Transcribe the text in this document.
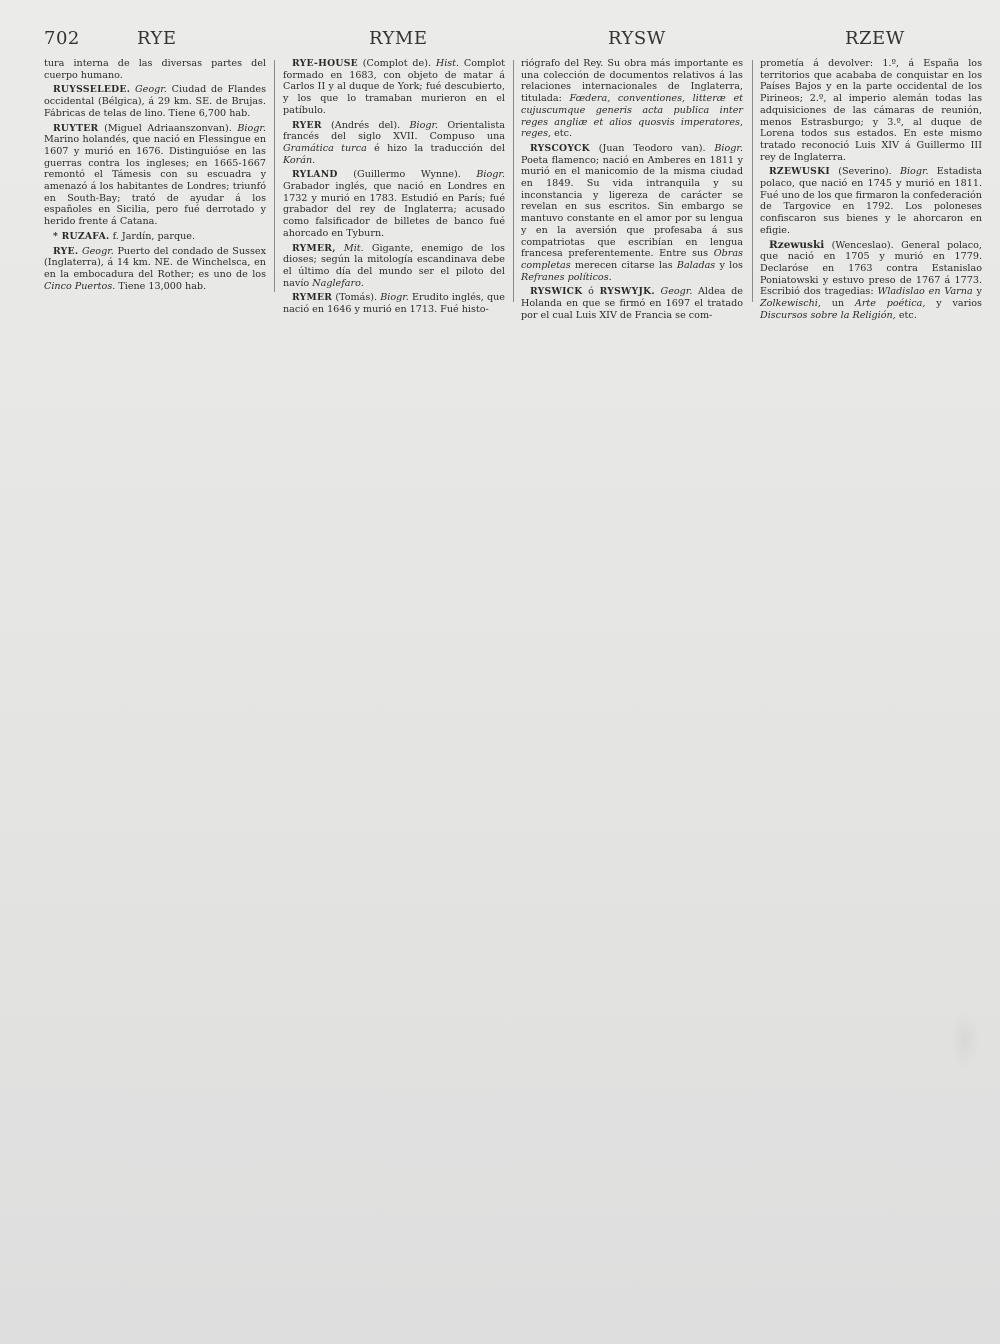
702	RYE	RYME	RYSW	RZEW

tura interna de las diversas partes del cuerpo humano.

RUYSSELEDE. Geogr. Ciudad de Flandes occidental (Bélgica), á 29 km. SE. de Brujas. Fábricas de telas de lino. Tiene 6,700 hab.

RUYTER (Miguel Adriaanszonvan). Biogr. Marino holandés, que nació en Flessingue en 1607 y murió en 1676. Distinguióse en las guerras contra los ingleses; en 1665-1667 remontó el Támesis con su escuadra y amenazó á los habitantes de Londres; triunfó en South-Bay; trató de ayudar á los españoles en Sicilia, pero fué derrotado y herido frente á Catana.

* RUZAFA. f. Jardín, parque.

RYE. Geogr. Puerto del condado de Sussex (Inglaterra), á 14 km. NE. de Winchelsca, en en la embocadura del Rother; es uno de los Cinco Puertos. Tiene 13,000 hab.

RYE-HOUSE (Complot de). Hist. Complot formado en 1683, con objeto de matar á Carlos II y al duque de York; fué descubierto, y los que lo tramaban murieron en el patíbulo.

RYER (Andrés del). Biogr. Orientalista francés del siglo XVII. Compuso una Gramática turca é hizo la traducción del Korán.

RYLAND (Guillermo Wynne). Biogr. Grabador inglés, que nació en Londres en 1732 y murió en 1783. Estudió en París; fué grabador del rey de Inglaterra; acusado como falsificador de billetes de banco fué ahorcado en Tyburn.

RYMER, Mit. Gigante, enemigo de los dioses; según la mitología escandinava debe el último día del mundo ser el piloto del navío Naglefaro.

RYMER (Tomás). Biogr. Erudito inglés, que nació en 1646 y murió en 1713. Fué histo-

riógrafo del Rey. Su obra más importante es una colección de documentos relativos á las relaciones internacionales de Inglaterra, titulada: Fœdera, conventiones, litteræ et cujuscumque generis acta publica inter reges angliæ et alios quosvis imperatores, reges, etc.

RYSCOYCK (Juan Teodoro van). Biogr. Poeta flamenco; nació en Amberes en 1811 y murió en el manicomio de la misma ciudad en 1849. Su vida intranquila y su inconstancia y ligereza de carácter se revelan en sus escritos. Sin embargo se mantuvo constante en el amor por su lengua y en la aversión que profesaba á sus compatriotas que escribían en lengua francesa preferentemente. Entre sus Obras completas merecen citarse las Baladas y los Refranes políticos.

RYSWICK ó RYSWYJK. Geogr. Aldea de Holanda en que se firmó en 1697 el tratado por el cual Luis XIV de Francia se com-

prometía á devolver: 1.º, á España los territorios que acababa de conquistar en los Países Bajos y en la parte occidental de los Pirineos; 2.º, al imperio alemán todas las adquisiciones de las cámaras de reunión, menos Estrasburgo; y 3.º, al duque de Lorena todos sus estados. En este mismo tratado reconoció Luis XIV á Guillermo III rey de Inglaterra.

RZEWUSKI (Severino). Biogr. Estadista polaco, que nació en 1745 y murió en 1811. Fué uno de los que firmaron la confederación de Targovice en 1792. Los poloneses confiscaron sus bienes y le ahorcaron en efigie.

Rzewuski (Wenceslao). General polaco, que nació en 1705 y murió en 1779. Declaróse en 1763 contra Estanislao Poniatowski y estuvo preso de 1767 á 1773. Escribió dos tragedias: Wladislao en Varna y Zolkewischi, un Arte poética, y varios Discursos sobre la Religión, etc.
